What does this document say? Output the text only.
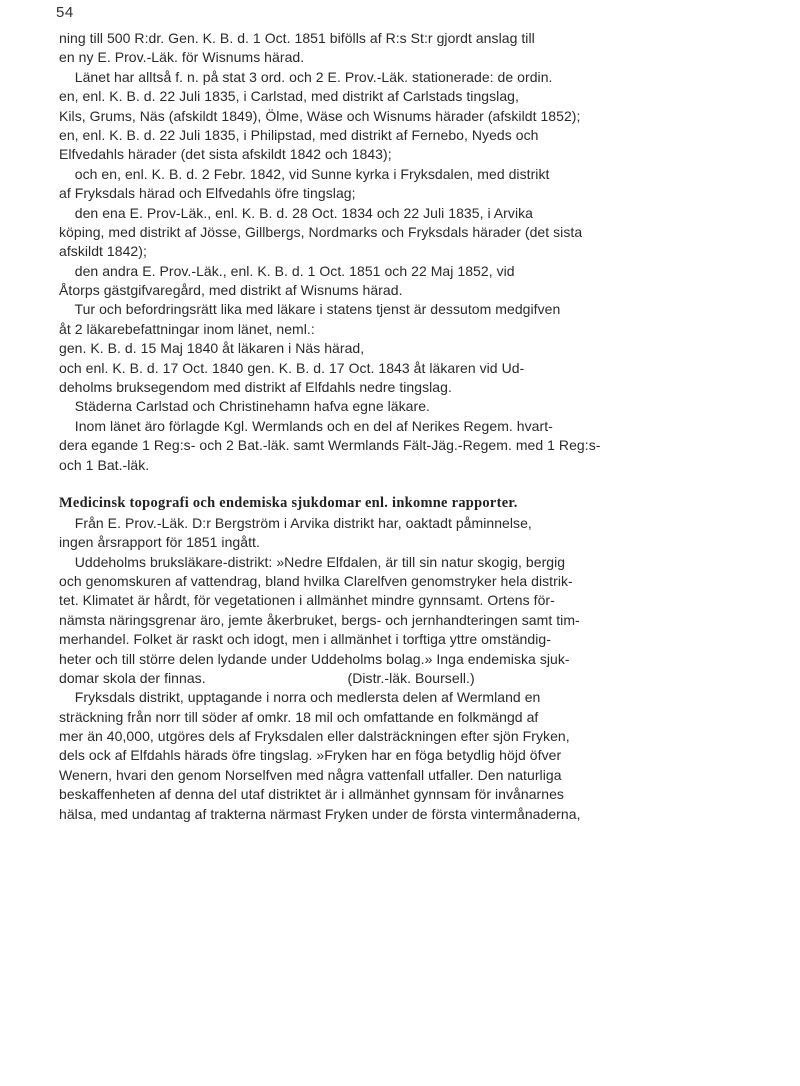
54
ning till 500 R:dr. Gen. K. B. d. 1 Oct. 1851 bifölls af R:s St:r gjordt anslag till
en ny E. Prov.-Läk. för Wisnums härad.
Länet har alltså f. n. på stat 3 ord. och 2 E. Prov.-Läk. stationerade: de ordin.
en, enl. K. B. d. 22 Juli 1835, i Carlstad, med distrikt af Carlstads tingslag,
Kils, Grums, Näs (afskildt 1849), Ölme, Wäse och Wisnums härader (afskildt 1852);
en, enl. K. B. d. 22 Juli 1835, i Philipstad, med distrikt af Fernebo, Nyeds och
Elfvedahls härader (det sista afskildt 1842 och 1843);
och en, enl. K. B. d. 2 Febr. 1842, vid Sunne kyrka i Fryksdalen, med distrikt
af Fryksdals härad och Elfvedahls öfre tingslag;
den ena E. Prov-Läk., enl. K. B. d. 28 Oct. 1834 och 22 Juli 1835, i Arvika
köping, med distrikt af Jösse, Gillbergs, Nordmarks och Fryksdals härader (det sista
afskildt 1842);
den andra E. Prov.-Läk., enl. K. B. d. 1 Oct. 1851 och 22 Maj 1852, vid
Åtorps gästgifvaregård, med distrikt af Wisnums härad.
Tur och befordringsrätt lika med läkare i statens tjenst är dessutom medgifven
åt 2 läkarebefattningar inom länet, neml.:
gen. K. B. d. 15 Maj 1840 åt läkaren i Näs härad,
och enl. K. B. d. 17 Oct. 1840 gen. K. B. d. 17 Oct. 1843 åt läkaren vid Ud-
deholms bruksegendom med distrikt af Elfdahls nedre tingslag.
Städerna Carlstad och Christinehamn hafva egne läkare.
Inom länet äro förlagde Kgl. Wermlands och en del af Nerikes Regem. hvart-
dera egande 1 Reg:s- och 2 Bat.-läk. samt Wermlands Fält-Jäg.-Regem. med 1 Reg:s-
och 1 Bat.-läk.
Medicinsk topografi och endemiska sjukdomar enl. inkomne rapporter.
Från E. Prov.-Läk. D:r Bergström i Arvika distrikt har, oaktadt påminnelse,
ingen årsrapport för 1851 ingått.
Uddeholms bruksläkare-distrikt: »Nedre Elfdalen, är till sin natur skogig, bergig
och genomskuren af vattendrag, bland hvilka Clarelfven genomstryker hela distrik-
tet. Klimatet är hårdt, för vegetationen i allmänhet mindre gynnsamt. Ortens för-
nämsta näringsgrenar äro, jemte åkerbruket, bergs- och jernhandteringen samt tim-
merhandel. Folket är raskt och idogt, men i allmänhet i torftiga yttre omständig-
heter och till större delen lydande under Uddeholms bolag.» Inga endemiska sjuk-
domar skola der finnas.                                    (Distr.-läk. Boursell.)
Fryksdals distrikt, upptagande i norra och medlersta delen af Wermland en
sträckning från norr till söder af omkr. 18 mil och omfattande en folkmängd af
mer än 40,000, utgöres dels af Fryksdalen eller dalsträckningen efter sjön Fryken,
dels ock af Elfdahls härads öfre tingslag. »Fryken har en föga betydlig höjd öfver
Wenern, hvari den genom Norselfven med några vattenfall utfaller. Den naturliga
beskaffenheten af denna del utaf distriktet är i allmänhet gynnsam för invånarnes
hälsa, med undantag af trakterna närmast Fryken under de första vintermånaderna,
